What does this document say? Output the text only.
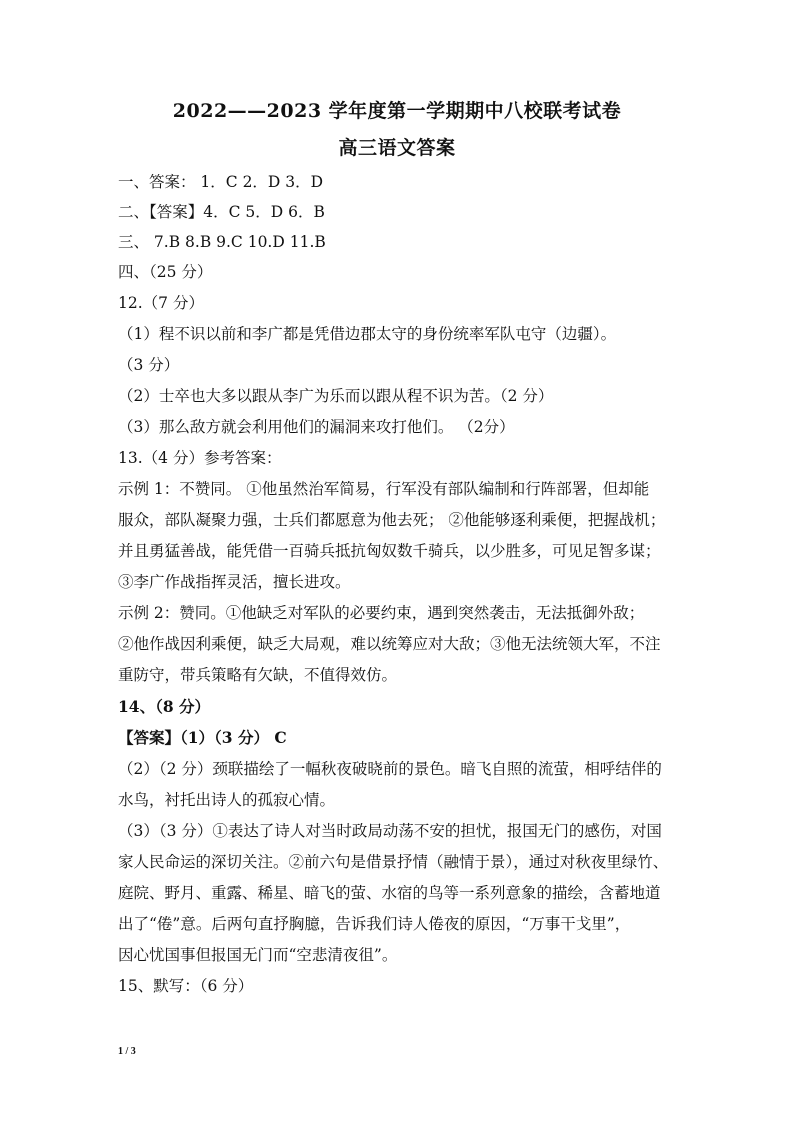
2022——2023 学年度第一学期期中八校联考试卷
高三语文答案
一、答案： 1．C 2．D 3．D
二、【答案】4．C 5．D 6．B
三、 7.B 8.B 9.C 10.D 11.B
四、（25 分）
12.（7 分）
（1）程不识以前和李广都是凭借边郡太守的身份统率军队屯守（边疆）。
（3 分）
（2）士卒也大多以跟从李广为乐而以跟从程不识为苦。（2 分）
（3）那么敌方就会利用他们的漏洞来攻打他们。 （2分）
13.（4 分）参考答案：
示例 1：不赞同。 ①他虽然治军简易，行军没有部队编制和行阵部署，但却能
服众，部队凝聚力强，士兵们都愿意为他去死； ②他能够逐利乘便，把握战机；
并且勇猛善战，能凭借一百骑兵抵抗匈奴数千骑兵，以少胜多，可见足智多谋；
③李广作战指挥灵活，擅长进攻。
示例 2：赞同。①他缺乏对军队的必要约束，遇到突然袭击，无法抵御外敌；
②他作战因利乘便，缺乏大局观，难以统筹应对大敌；③他无法统领大军，不注
重防守，带兵策略有欠缺，不值得效仿。
14、（8 分）
【答案】（1）（3 分） C
（2）（2 分）颈联描绘了一幅秋夜破晓前的景色。暗飞自照的流萤，相呼结伴的
水鸟，衬托出诗人的孤寂心情。
（3）（3 分）①表达了诗人对当时政局动荡不安的担忧，报国无门的感伤，对国
家人民命运的深切关注。②前六句是借景抒情（融情于景），通过对秋夜里绿竹、
庭院、野月、重露、稀星、暗飞的萤、水宿的鸟等一系列意象的描绘，含蓄地道
出了“倦”意。后两句直抒胸臆，告诉我们诗人倦夜的原因，“万事干戈里”，
因心忧国事但报国无门而“空悲清夜徂”。
15、默写：（6 分）
1 / 3
